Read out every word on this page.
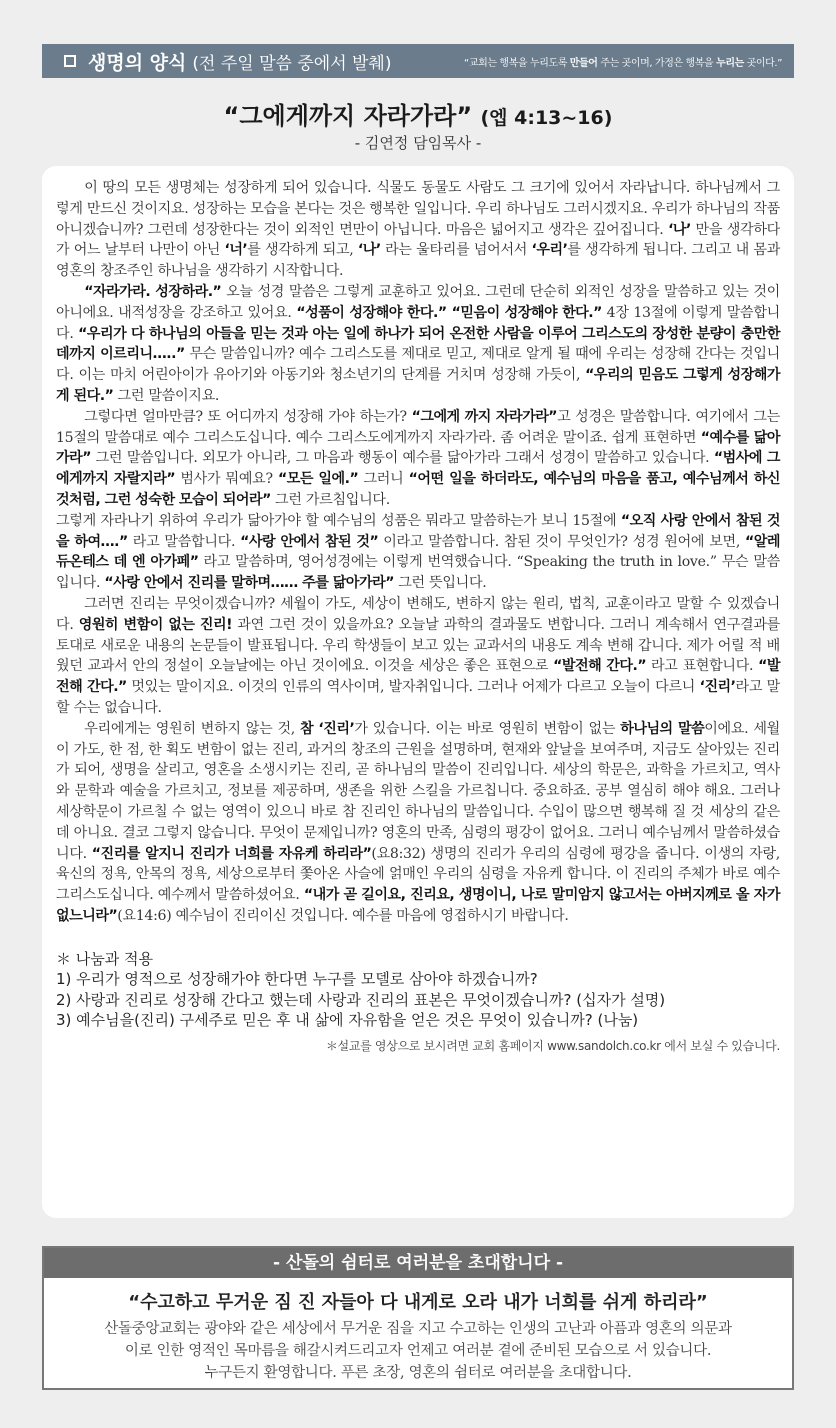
생명의 양식 (전 주일 말씀 중에서 발췌)	“교회는 행복을 누리도록 만들어 주는 곳이며, 가정은 행복을 누리는 곳이다.”
“그에게까지 자라가라” (엡 4:13~16)
- 김연정 담임목사 -

이 땅의 모든 생명체는 성장하게 되어 있습니다. 식물도 동물도 사람도 그 크기에 있어서 자라납니다. 하나님께서 그렇게 만드신 것이지요. 성장하는 모습을 본다는 것은 행복한 일입니다. 우리 하나님도 그러시겠지요. 우리가 하나님의 작품 아니겠습니까? 그런데 성장한다는 것이 외적인 면만이 아닙니다. 마음은 넓어지고 생각은 깊어집니다. ‘나’ 만을 생각하다가 어느 날부터 나만이 아닌 ‘너’를 생각하게 되고, ‘나’ 라는 울타리를 넘어서서 ‘우리’를 생각하게 됩니다. 그리고 내 몸과 영혼의 창조주인 하나님을 생각하기 시작합니다.

“자라가라. 성장하라.” 오늘 성경 말씀은 그렇게 교훈하고 있어요. 그런데 단순히 외적인 성장을 말씀하고 있는 것이 아니에요. 내적성장을 강조하고 있어요. “성품이 성장해야 한다.” “믿음이 성장해야 한다.” 4장 13절에 이렇게 말씀합니다. “우리가 다 하나님의 아들을 믿는 것과 아는 일에 하나가 되어 온전한 사람을 이루어 그리스도의 장성한 분량이 충만한 데까지 이르리니…..” 무슨 말씀입니까? 예수 그리스도를 제대로 믿고, 제대로 알게 될 때에 우리는 성장해 간다는 것입니다. 이는 마치 어린아이가 유아기와 아동기와 청소년기의 단계를 거치며 성장해 가듯이, “우리의 믿음도 그렇게 성장해가게 된다.” 그런 말씀이지요.

그렇다면 얼마만큼? 또 어디까지 성장해 가야 하는가? “그에게 까지 자라가라”고 성경은 말씀합니다. 여기에서 그는 15절의 말씀대로 예수 그리스도십니다. 예수 그리스도에게까지 자라가라. 좀 어려운 말이죠. 쉽게 표현하면 “예수를 닮아가라” 그런 말씀입니다. 외모가 아니라, 그 마음과 행동이 예수를 닮아가라 그래서 성경이 말씀하고 있습니다. “범사에 그에게까지 자랄지라” 범사가 뭐예요? “모든 일에.” 그러니 “어떤 일을 하더라도, 예수님의 마음을 품고, 예수님께서 하신 것처럼, 그런 성숙한 모습이 되어라” 그런 가르침입니다.

그렇게 자라나기 위하여 우리가 닮아가야 할 예수님의 성품은 뭐라고 말씀하는가 보니 15절에 “오직 사랑 안에서 참된 것을 하여….” 라고 말씀합니다. “사랑 안에서 참된 것” 이라고 말씀합니다. 참된 것이 무엇인가? 성경 원어에 보면, “알레듀온테스 데 엔 아가페” 라고 말씀하며, 영어성경에는 이렇게 번역했습니다. “Speaking the truth in love.” 무슨 말씀입니다. “사랑 안에서 진리를 말하며…… 주를 닮아가라” 그런 뜻입니다.

그러면 진리는 무엇이겠습니까? 세월이 가도, 세상이 변해도, 변하지 않는 원리, 법칙, 교훈이라고 말할 수 있겠습니다. 영원히 변함이 없는 진리! 과연 그런 것이 있을까요? 오늘날 과학의 결과물도 변합니다. 그러니 계속해서 연구결과를 토대로 새로운 내용의 논문들이 발표됩니다. 우리 학생들이 보고 있는 교과서의 내용도 계속 변해 갑니다. 제가 어릴 적 배웠던 교과서 안의 정설이 오늘날에는 아닌 것이에요. 이것을 세상은 좋은 표현으로 “발전해 간다.” 라고 표현합니다. “발전해 간다.” 멋있는 말이지요. 이것의 인류의 역사이며, 발자취입니다. 그러나 어제가 다르고 오늘이 다르니 ‘진리’라고 말할 수는 없습니다.

우리에게는 영원히 변하지 않는 것, 참 ‘진리’가 있습니다. 이는 바로 영원히 변함이 없는 하나님의 말씀이에요. 세월이 가도, 한 점, 한 획도 변함이 없는 진리, 과거의 창조의 근원을 설명하며, 현재와 앞날을 보여주며, 지금도 살아있는 진리가 되어, 생명을 살리고, 영혼을 소생시키는 진리, 곧 하나님의 말씀이 진리입니다. 세상의 학문은, 과학을 가르치고, 역사와 문학과 예술을 가르치고, 정보를 제공하며, 생존을 위한 스킬을 가르칩니다. 중요하죠. 공부 열심히 해야 해요. 그러나 세상학문이 가르칠 수 없는 영역이 있으니 바로 참 진리인 하나님의 말씀입니다. 수입이 많으면 행복해 질 것 세상의 같은데 아니요. 결코 그렇지 않습니다. 무엇이 문제입니까? 영혼의 만족, 심령의 평강이 없어요. 그러니 예수님께서 말씀하셨습니다. “진리를 알지니 진리가 너희를 자유케 하리라”(요8:32) 생명의 진리가 우리의 심령에 평강을 줍니다. 이생의 자랑, 육신의 정욕, 안목의 정욕, 세상으로부터 쫓아온 사슬에 얽매인 우리의 심령을 자유케 합니다. 이 진리의 주체가 바로 예수 그리스도십니다. 예수께서 말씀하셨어요. “내가 곧 길이요, 진리요, 생명이니, 나로 말미암지 않고서는 아버지께로 올 자가 없느니라”(요14:6) 예수님이 진리이신 것입니다. 예수를 마음에 영접하시기 바랍니다.

＊ 나눔과 적용
1) 우리가 영적으로 성장해가야 한다면 누구를 모델로 삼아야 하겠습니까?
2) 사랑과 진리로 성장해 간다고 했는데 사랑과 진리의 표본은 무엇이겠습니까? (십자가 설명)
3) 예수님을(진리) 구세주로 믿은 후 내 삶에 자유함을 얻은 것은 무엇이 있습니까? (나눔)
＊설교를 영상으로 보시려면 교회 홈페이지 www.sandolch.co.kr 에서 보실 수 있습니다.
- 산돌의 쉼터로 여러분을 초대합니다 -
“수고하고 무거운 짐 진 자들아 다 내게로 오라 내가 너희를 쉬게 하리라”
산돌중앙교회는 광야와 같은 세상에서 무거운 짐을 지고 수고하는 인생의 고난과 아픔과 영혼의 의문과
이로 인한 영적인 목마름을 해갈시켜드리고자 언제고 여러분 곁에 준비된 모습으로 서 있습니다.
누구든지 환영합니다. 푸른 초장, 영혼의 쉼터로 여러분을 초대합니다.
